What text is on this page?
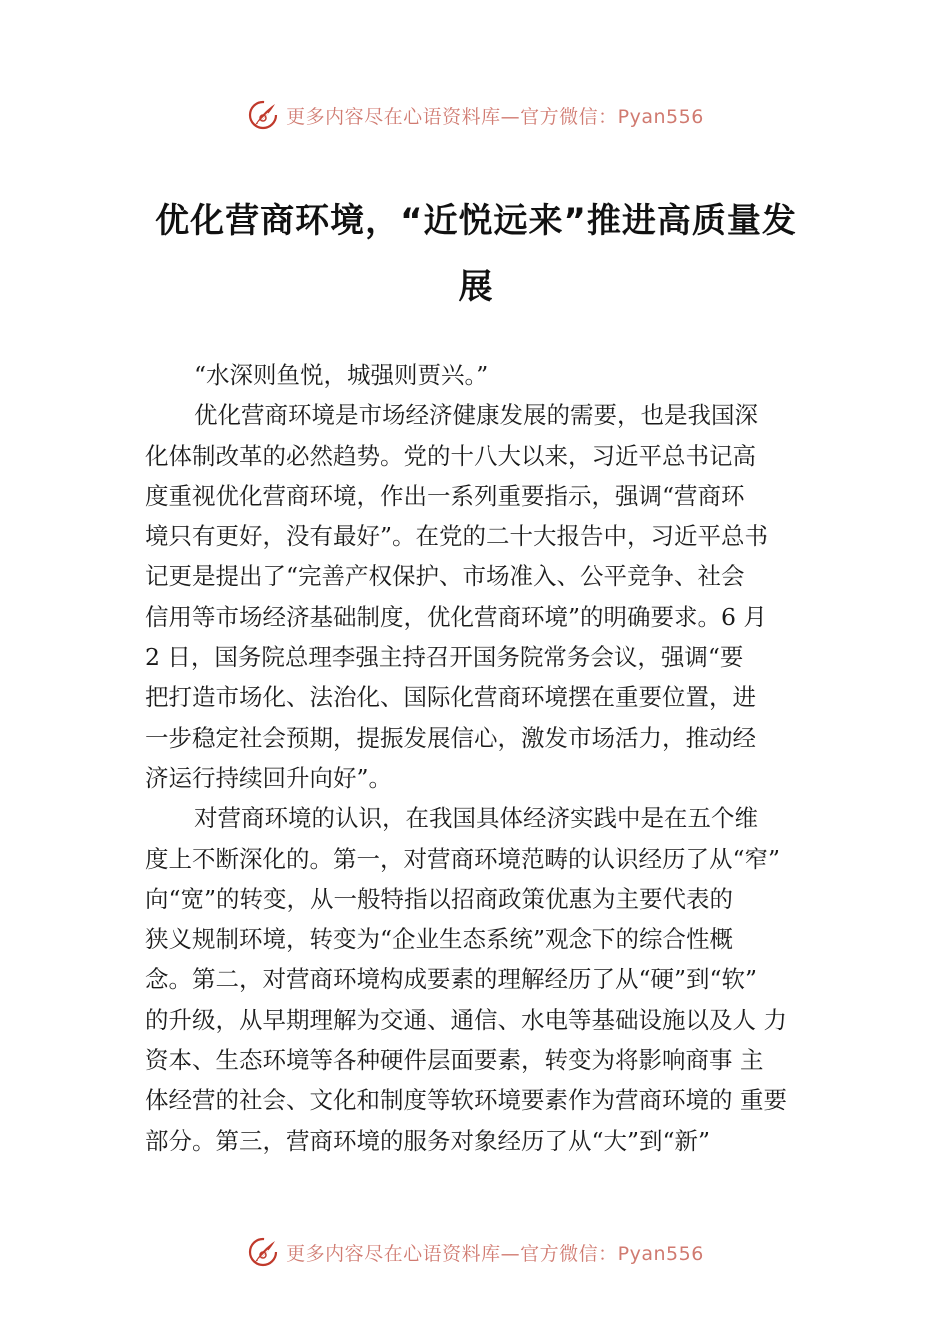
更多内容尽在心语资料库—官方微信：Pyan556
优化营商环境，“近悦远来”推进高质量发
展
“水深则鱼悦，城强则贾兴。”
优化营商环境是市场经济健康发展的需要，也是我国深
化体制改革的必然趋势。党的十八大以来，习近平总书记高
度重视优化营商环境，作出一系列重要指示，强调“营商环
境只有更好，没有最好”。在党的二十大报告中，习近平总书
记更是提出了“完善产权保护、市场准入、公平竞争、社会
信用等市场经济基础制度，优化营商环境”的明确要求。6 月
2 日，国务院总理李强主持召开国务院常务会议，强调“要
把打造市场化、法治化、国际化营商环境摆在重要位置，进
一步稳定社会预期，提振发展信心，激发市场活力，推动经
济运行持续回升向好”。
对营商环境的认识，在我国具体经济实践中是在五个维
度上不断深化的。第一，对营商环境范畴的认识经历了从“窄”
向“宽”的转变，从一般特指以招商政策优惠为主要代表的
狭义规制环境，转变为“企业生态系统”观念下的综合性概
念。第二，对营商环境构成要素的理解经历了从“硬”到“软”
的升级，从早期理解为交通、通信、水电等基础设施以及人 力
资本、生态环境等各种硬件层面要素，转变为将影响商事 主
体经营的社会、文化和制度等软环境要素作为营商环境的 重要
部分。第三，营商环境的服务对象经历了从“大”到“新”
更多内容尽在心语资料库—官方微信：Pyan556
